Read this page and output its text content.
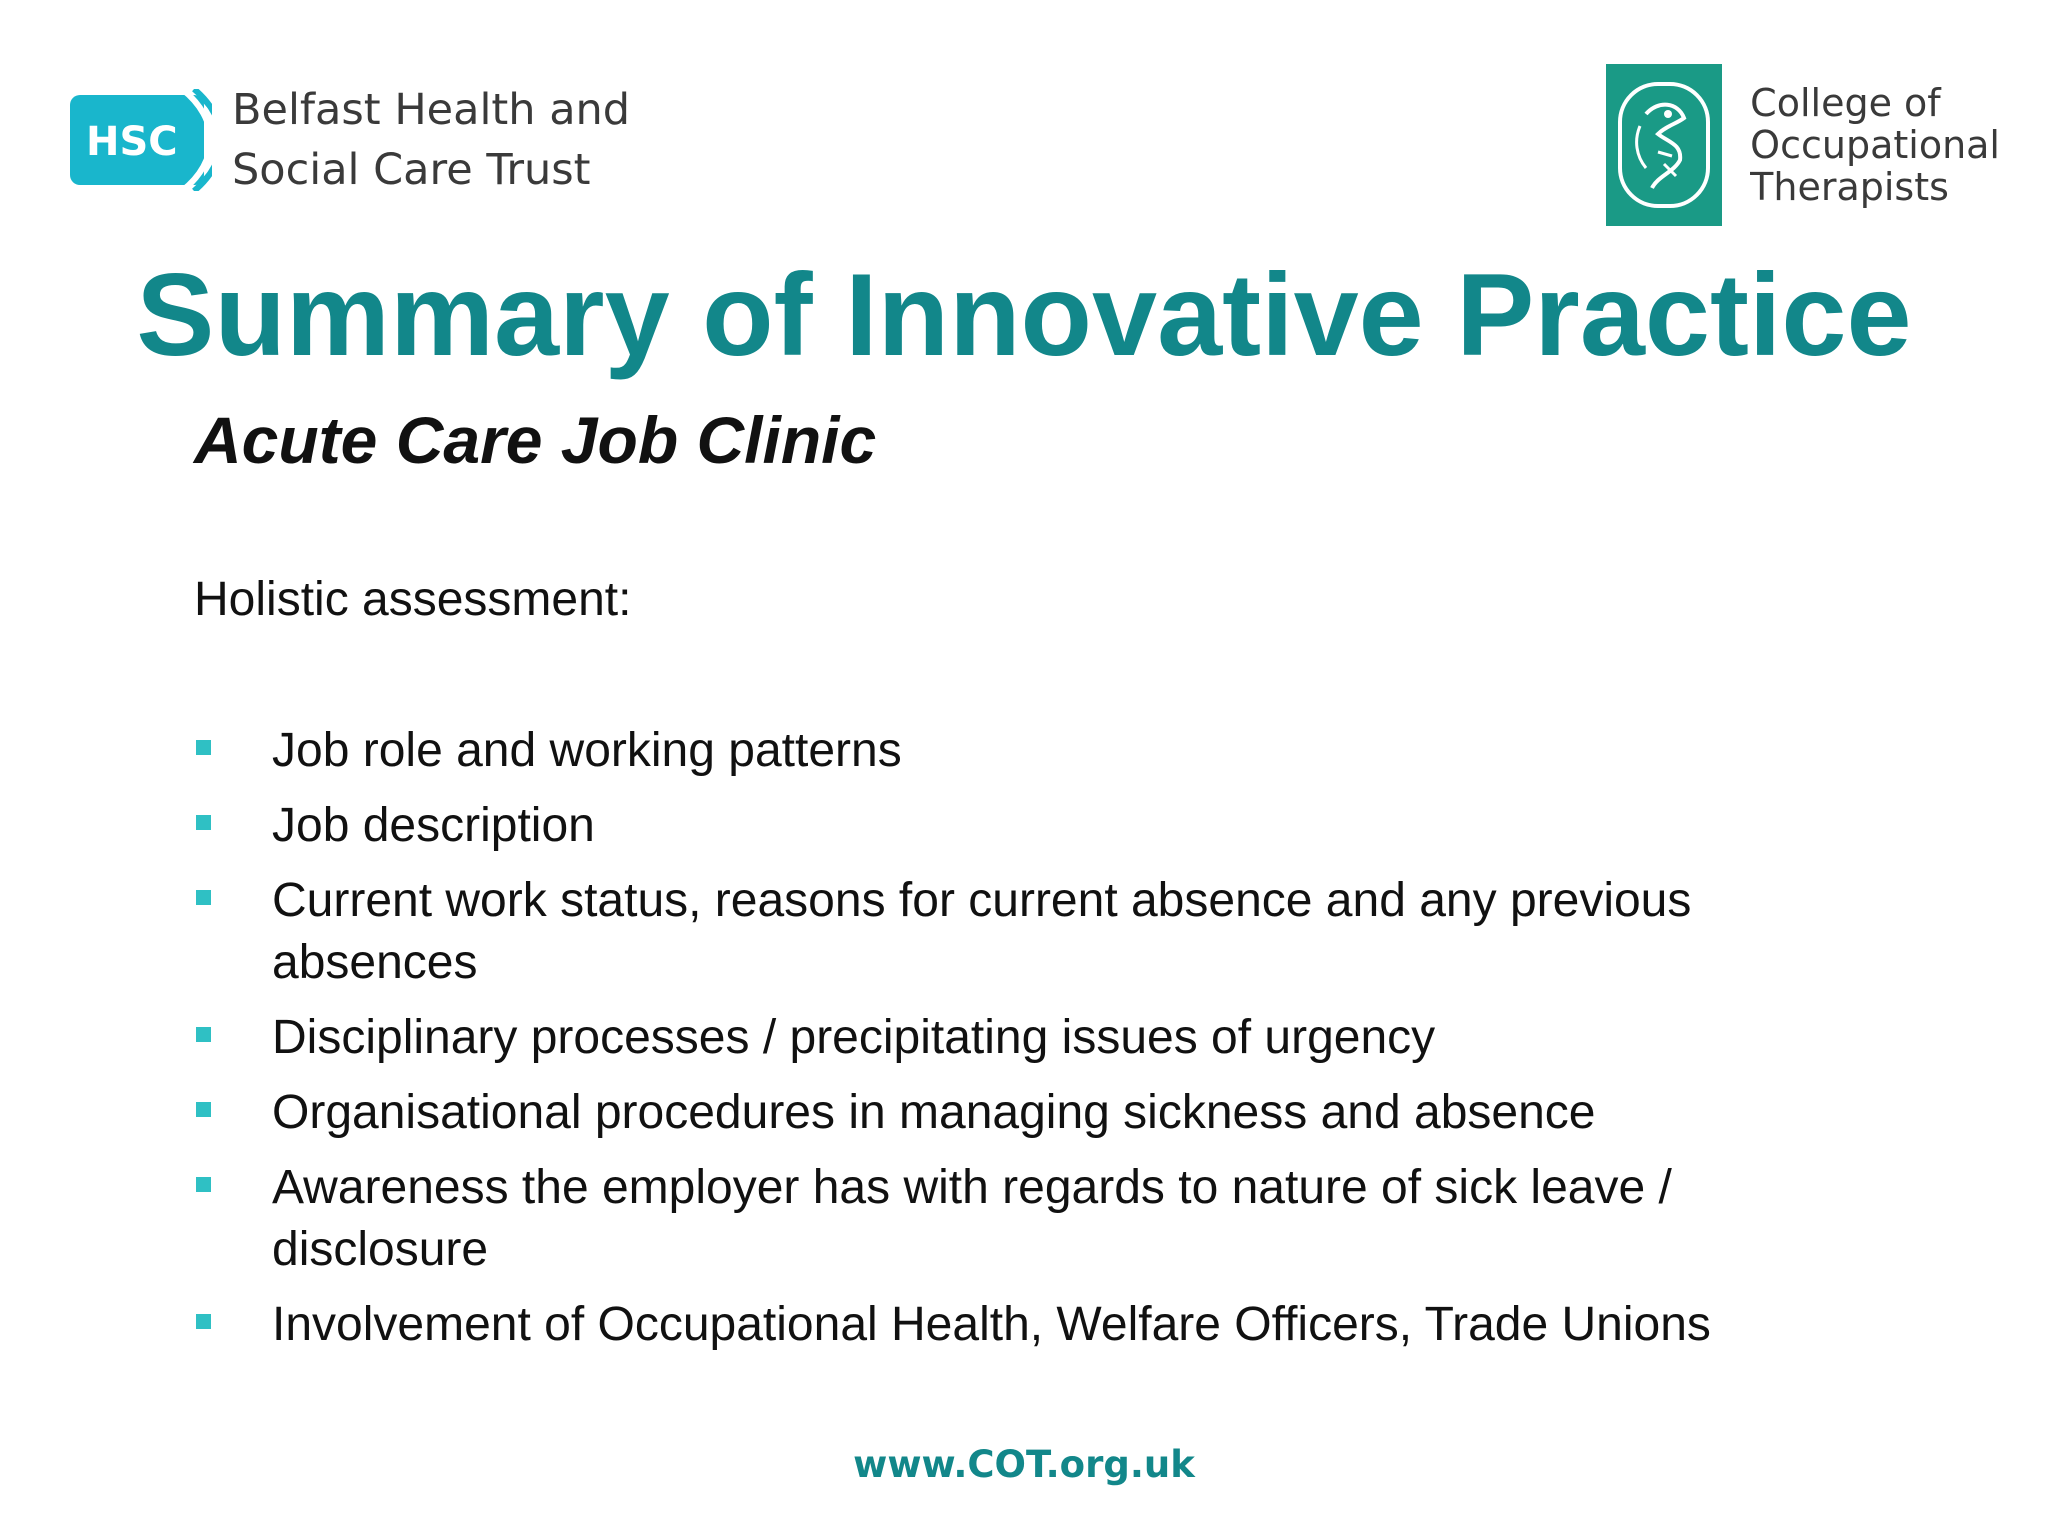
HSC
Belfast Health and
Social Care Trust
College of
Occupational
Therapists
Summary of Innovative Practice
Acute Care Job Clinic
Holistic assessment:
Job role and working patterns
Job description
Current work status, reasons for current absence and any previous absences
Disciplinary processes / precipitating issues of urgency
Organisational procedures in managing sickness and absence
Awareness the employer has with regards to nature of sick leave / disclosure
Involvement of Occupational Health, Welfare Officers, Trade Unions
www.COT.org.uk
